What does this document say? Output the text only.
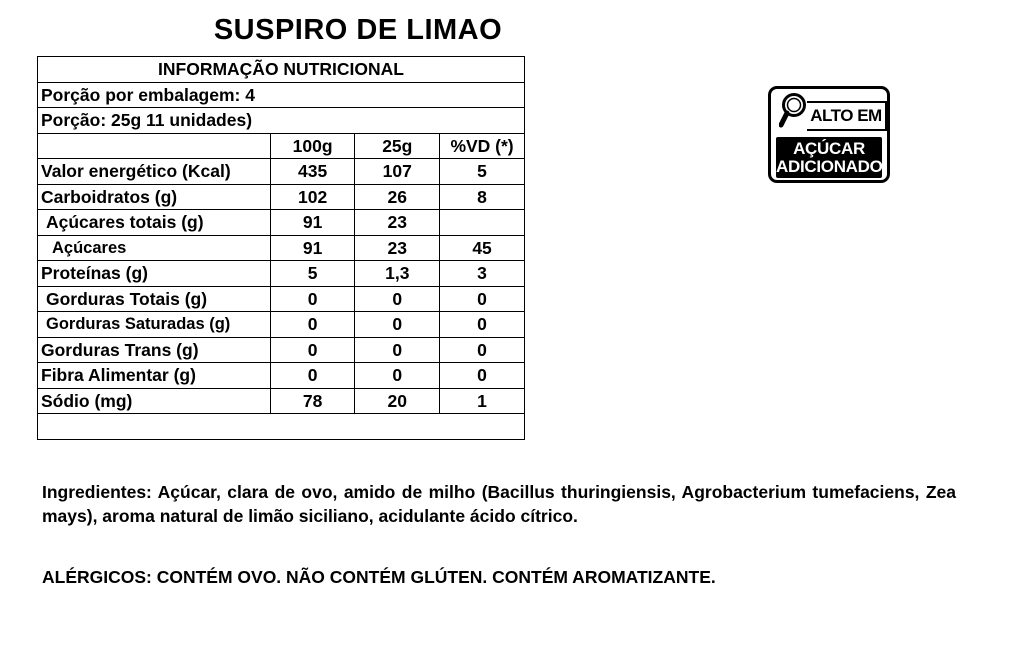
SUSPIRO DE LIMAO
INFORMAÇÃO NUTRICIONAL			
Porção por embalagem: 4			
Porção: 25g 11 unidades)			
	100g	25g	%VD (*)
Valor energético (Kcal)	435	107	5
Carboidratos (g)	102	26	8
Açúcares totais (g)	91	23	
Açúcares	91	23	45
Proteínas (g)	5	1,3	3
Gorduras Totais (g)	0	0	0
Gorduras Saturadas (g)	0	0	0
Gorduras Trans (g)	0	0	0
Fibra Alimentar (g)	0	0	0
Sódio (mg)	78	20	1

ALTO EM
AÇÚCAR
ADICIONADO
Ingredientes: Açúcar, clara de ovo, amido de milho (Bacillus thuringiensis, Agrobacterium tumefaciens, Zea mays), aroma natural de limão siciliano, acidulante ácido cítrico.
ALÉRGICOS: CONTÉM OVO. NÃO CONTÉM GLÚTEN. CONTÉM AROMATIZANTE.
